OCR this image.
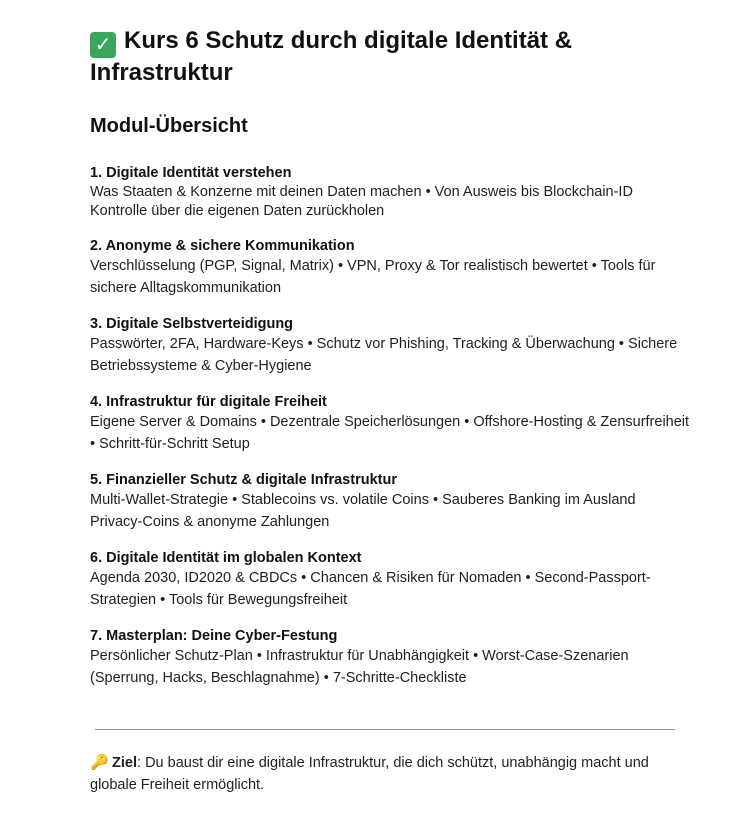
✓ Kurs 6 Schutz durch digitale Identität &
Infrastruktur
Modul-Übersicht
1. Digitale Identität verstehen
Was Staaten & Konzerne mit deinen Daten machen • Von Ausweis bis Blockchain-ID Kontrolle über die eigenen Daten zurückholen
2. Anonyme & sichere Kommunikation
Verschlüsselung (PGP, Signal, Matrix) • VPN, Proxy & Tor realistisch bewertet • Tools für sichere Alltagskommunikation
3. Digitale Selbstverteidigung
Passwörter, 2FA, Hardware-Keys • Schutz vor Phishing, Tracking & Überwachung • Sichere Betriebssysteme & Cyber-Hygiene
4. Infrastruktur für digitale Freiheit
Eigene Server & Domains • Dezentrale Speicherlösungen • Offshore-Hosting & Zensurfreiheit • Schritt-für-Schritt Setup
5. Finanzieller Schutz & digitale Infrastruktur
Multi-Wallet-Strategie • Stablecoins vs. volatile Coins • Sauberes Banking im Ausland Privacy-Coins & anonyme Zahlungen
6. Digitale Identität im globalen Kontext
Agenda 2030, ID2020 & CBDCs • Chancen & Risiken für Nomaden • Second-Passport-Strategien • Tools für Bewegungsfreiheit
7. Masterplan: Deine Cyber-Festung
Persönlicher Schutz-Plan • Infrastruktur für Unabhängigkeit • Worst-Case-Szenarien (Sperrung, Hacks, Beschlagnahme) • 7-Schritte-Checkliste
🔑 Ziel: Du baust dir eine digitale Infrastruktur, die dich schützt, unabhängig macht und globale Freiheit ermöglicht.
